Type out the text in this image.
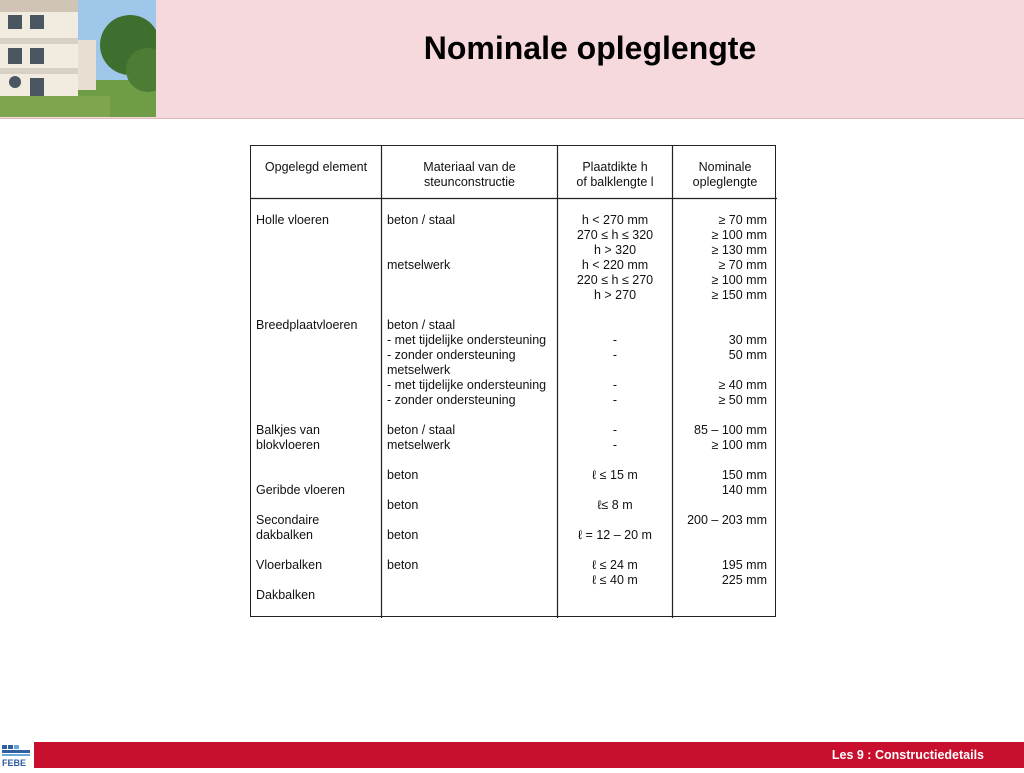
Nominale opleglengte
Opgelegd element	Materiaal van de
steunconstructie
Plaatdikte h
of balklengte l
Nominale
opleglengte
Holle vloeren
Breedplaatvloeren
Balkjes van
blokvloeren
Geribde vloeren
Secondaire
dakbalken
Vloerbalken
Dakbalken
beton / staal
metselwerk
beton / staal
- met tijdelijke ondersteuning
- zonder ondersteuning
metselwerk
- met tijdelijke ondersteuning
- zonder ondersteuning
beton / staal
metselwerk
beton
beton
beton
beton
h < 270 mm
270 ≤ h ≤ 320
h > 320
h < 220 mm
220 ≤ h ≤ 270
h > 270
-
-
-
-
-
-
ℓ ≤ 15 m
ℓ≤ 8 m
ℓ = 12 – 20 m
ℓ ≤ 24 m
ℓ ≤ 40 m
≥ 70 mm
≥ 100 mm
≥ 130 mm
≥ 70 mm
≥ 100 mm
≥ 150 mm
30 mm
50 mm
≥ 40 mm
≥ 50 mm
85 – 100 mm
≥ 100 mm
150 mm
140 mm
200 – 203 mm
195 mm
225 mm
FEBE
Les 9 : Constructiedetails
